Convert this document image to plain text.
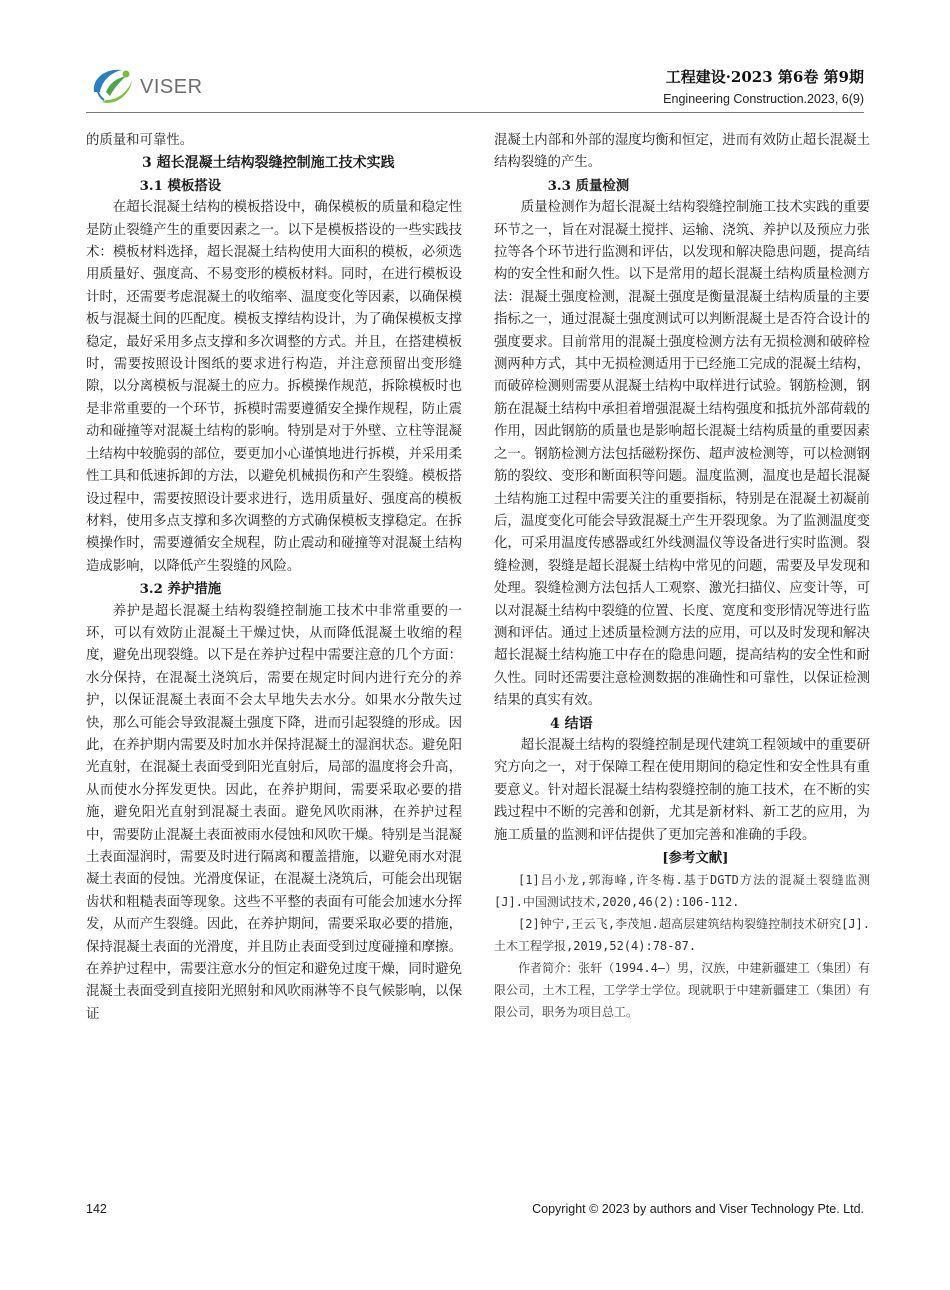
VISER	工程建设·2023 第6卷 第9期
Engineering Construction.2023, 6(9)

的质量和可靠性。

3 超长混凝土结构裂缝控制施工技术实践

3.1 模板搭设

在超长混凝土结构的模板搭设中，确保模板的质量和稳定性是防止裂缝产生的重要因素之一。以下是模板搭设的一些实践技术：模板材料选择，超长混凝土结构使用大面积的模板，必须选用质量好、强度高、不易变形的模板材料。同时，在进行模板设计时，还需要考虑混凝土的收缩率、温度变化等因素，以确保模板与混凝土间的匹配度。模板支撑结构设计，为了确保模板支撑稳定，最好采用多点支撑和多次调整的方式。并且，在搭建模板时，需要按照设计图纸的要求进行构造，并注意预留出变形缝隙，以分离模板与混凝土的应力。拆模操作规范，拆除模板时也是非常重要的一个环节，拆模时需要遵循安全操作规程，防止震动和碰撞等对混凝土结构的影响。特别是对于外壁、立柱等混凝土结构中较脆弱的部位，要更加小心谨慎地进行拆模，并采用柔性工具和低速拆卸的方法，以避免机械损伤和产生裂缝。模板搭设过程中，需要按照设计要求进行，选用质量好、强度高的模板材料，使用多点支撑和多次调整的方式确保模板支撑稳定。在拆模操作时，需要遵循安全规程，防止震动和碰撞等对混凝土结构造成影响，以降低产生裂缝的风险。

3.2 养护措施

养护是超长混凝土结构裂缝控制施工技术中非常重要的一环，可以有效防止混凝土干燥过快，从而降低混凝土收缩的程度，避免出现裂缝。以下是在养护过程中需要注意的几个方面：水分保持，在混凝土浇筑后，需要在规定时间内进行充分的养护，以保证混凝土表面不会太早地失去水分。如果水分散失过快，那么可能会导致混凝土强度下降，进而引起裂缝的形成。因此，在养护期内需要及时加水并保持混凝土的湿润状态。避免阳光直射，在混凝土表面受到阳光直射后，局部的温度将会升高，从而使水分挥发更快。因此，在养护期间，需要采取必要的措施，避免阳光直射到混凝土表面。避免风吹雨淋，在养护过程中，需要防止混凝土表面被雨水侵蚀和风吹干燥。特别是当混凝土表面湿润时，需要及时进行隔离和覆盖措施，以避免雨水对混凝土表面的侵蚀。光滑度保证，在混凝土浇筑后，可能会出现锯齿状和粗糙表面等现象。这些不平整的表面有可能会加速水分挥发，从而产生裂缝。因此，在养护期间，需要采取必要的措施，保持混凝土表面的光滑度，并且防止表面受到过度碰撞和摩擦。在养护过程中，需要注意水分的恒定和避免过度干燥，同时避免混凝土表面受到直接阳光照射和风吹雨淋等不良气候影响，以保证

混凝土内部和外部的湿度均衡和恒定，进而有效防止超长混凝土结构裂缝的产生。

3.3 质量检测

质量检测作为超长混凝土结构裂缝控制施工技术实践的重要环节之一，旨在对混凝土搅拌、运输、浇筑、养护以及预应力张拉等各个环节进行监测和评估，以发现和解决隐患问题，提高结构的安全性和耐久性。以下是常用的超长混凝土结构质量检测方法：混凝土强度检测，混凝土强度是衡量混凝土结构质量的主要指标之一，通过混凝土强度测试可以判断混凝土是否符合设计的强度要求。目前常用的混凝土强度检测方法有无损检测和破碎检测两种方式，其中无损检测适用于已经施工完成的混凝土结构，而破碎检测则需要从混凝土结构中取样进行试验。钢筋检测，钢筋在混凝土结构中承担着增强混凝土结构强度和抵抗外部荷载的作用，因此钢筋的质量也是影响超长混凝土结构质量的重要因素之一。钢筋检测方法包括磁粉探伤、超声波检测等，可以检测钢筋的裂纹、变形和断面积等问题。温度监测，温度也是超长混凝土结构施工过程中需要关注的重要指标，特别是在混凝土初凝前后，温度变化可能会导致混凝土产生开裂现象。为了监测温度变化，可采用温度传感器或红外线测温仪等设备进行实时监测。裂缝检测，裂缝是超长混凝土结构中常见的问题，需要及早发现和处理。裂缝检测方法包括人工观察、激光扫描仪、应变计等，可以对混凝土结构中裂缝的位置、长度、宽度和变形情况等进行监测和评估。通过上述质量检测方法的应用，可以及时发现和解决超长混凝土结构施工中存在的隐患问题，提高结构的安全性和耐久性。同时还需要注意检测数据的准确性和可靠性，以保证检测结果的真实有效。

4 结语

超长混凝土结构的裂缝控制是现代建筑工程领域中的重要研究方向之一，对于保障工程在使用期间的稳定性和安全性具有重要意义。针对超长混凝土结构裂缝控制的施工技术，在不断的实践过程中不断的完善和创新，尤其是新材料、新工艺的应用，为施工质量的监测和评估提供了更加完善和准确的手段。

[参考文献]

[1]吕小龙,郭海峰,许冬梅.基于DGTD方法的混凝土裂缝监测[J].中国测试技术,2020,46(2):106-112.

[2]钟宁,王云飞,李茂旭.超高层建筑结构裂缝控制技术研究[J].土木工程学报,2019,52(4):78-87.

作者简介：张轩（1994.4—）男，汉族，中建新疆建工（集团）有限公司，土木工程，工学学士学位。现就职于中建新疆建工（集团）有限公司，职务为项目总工。

142	Copyright © 2023 by authors and Viser Technology Pte. Ltd.
